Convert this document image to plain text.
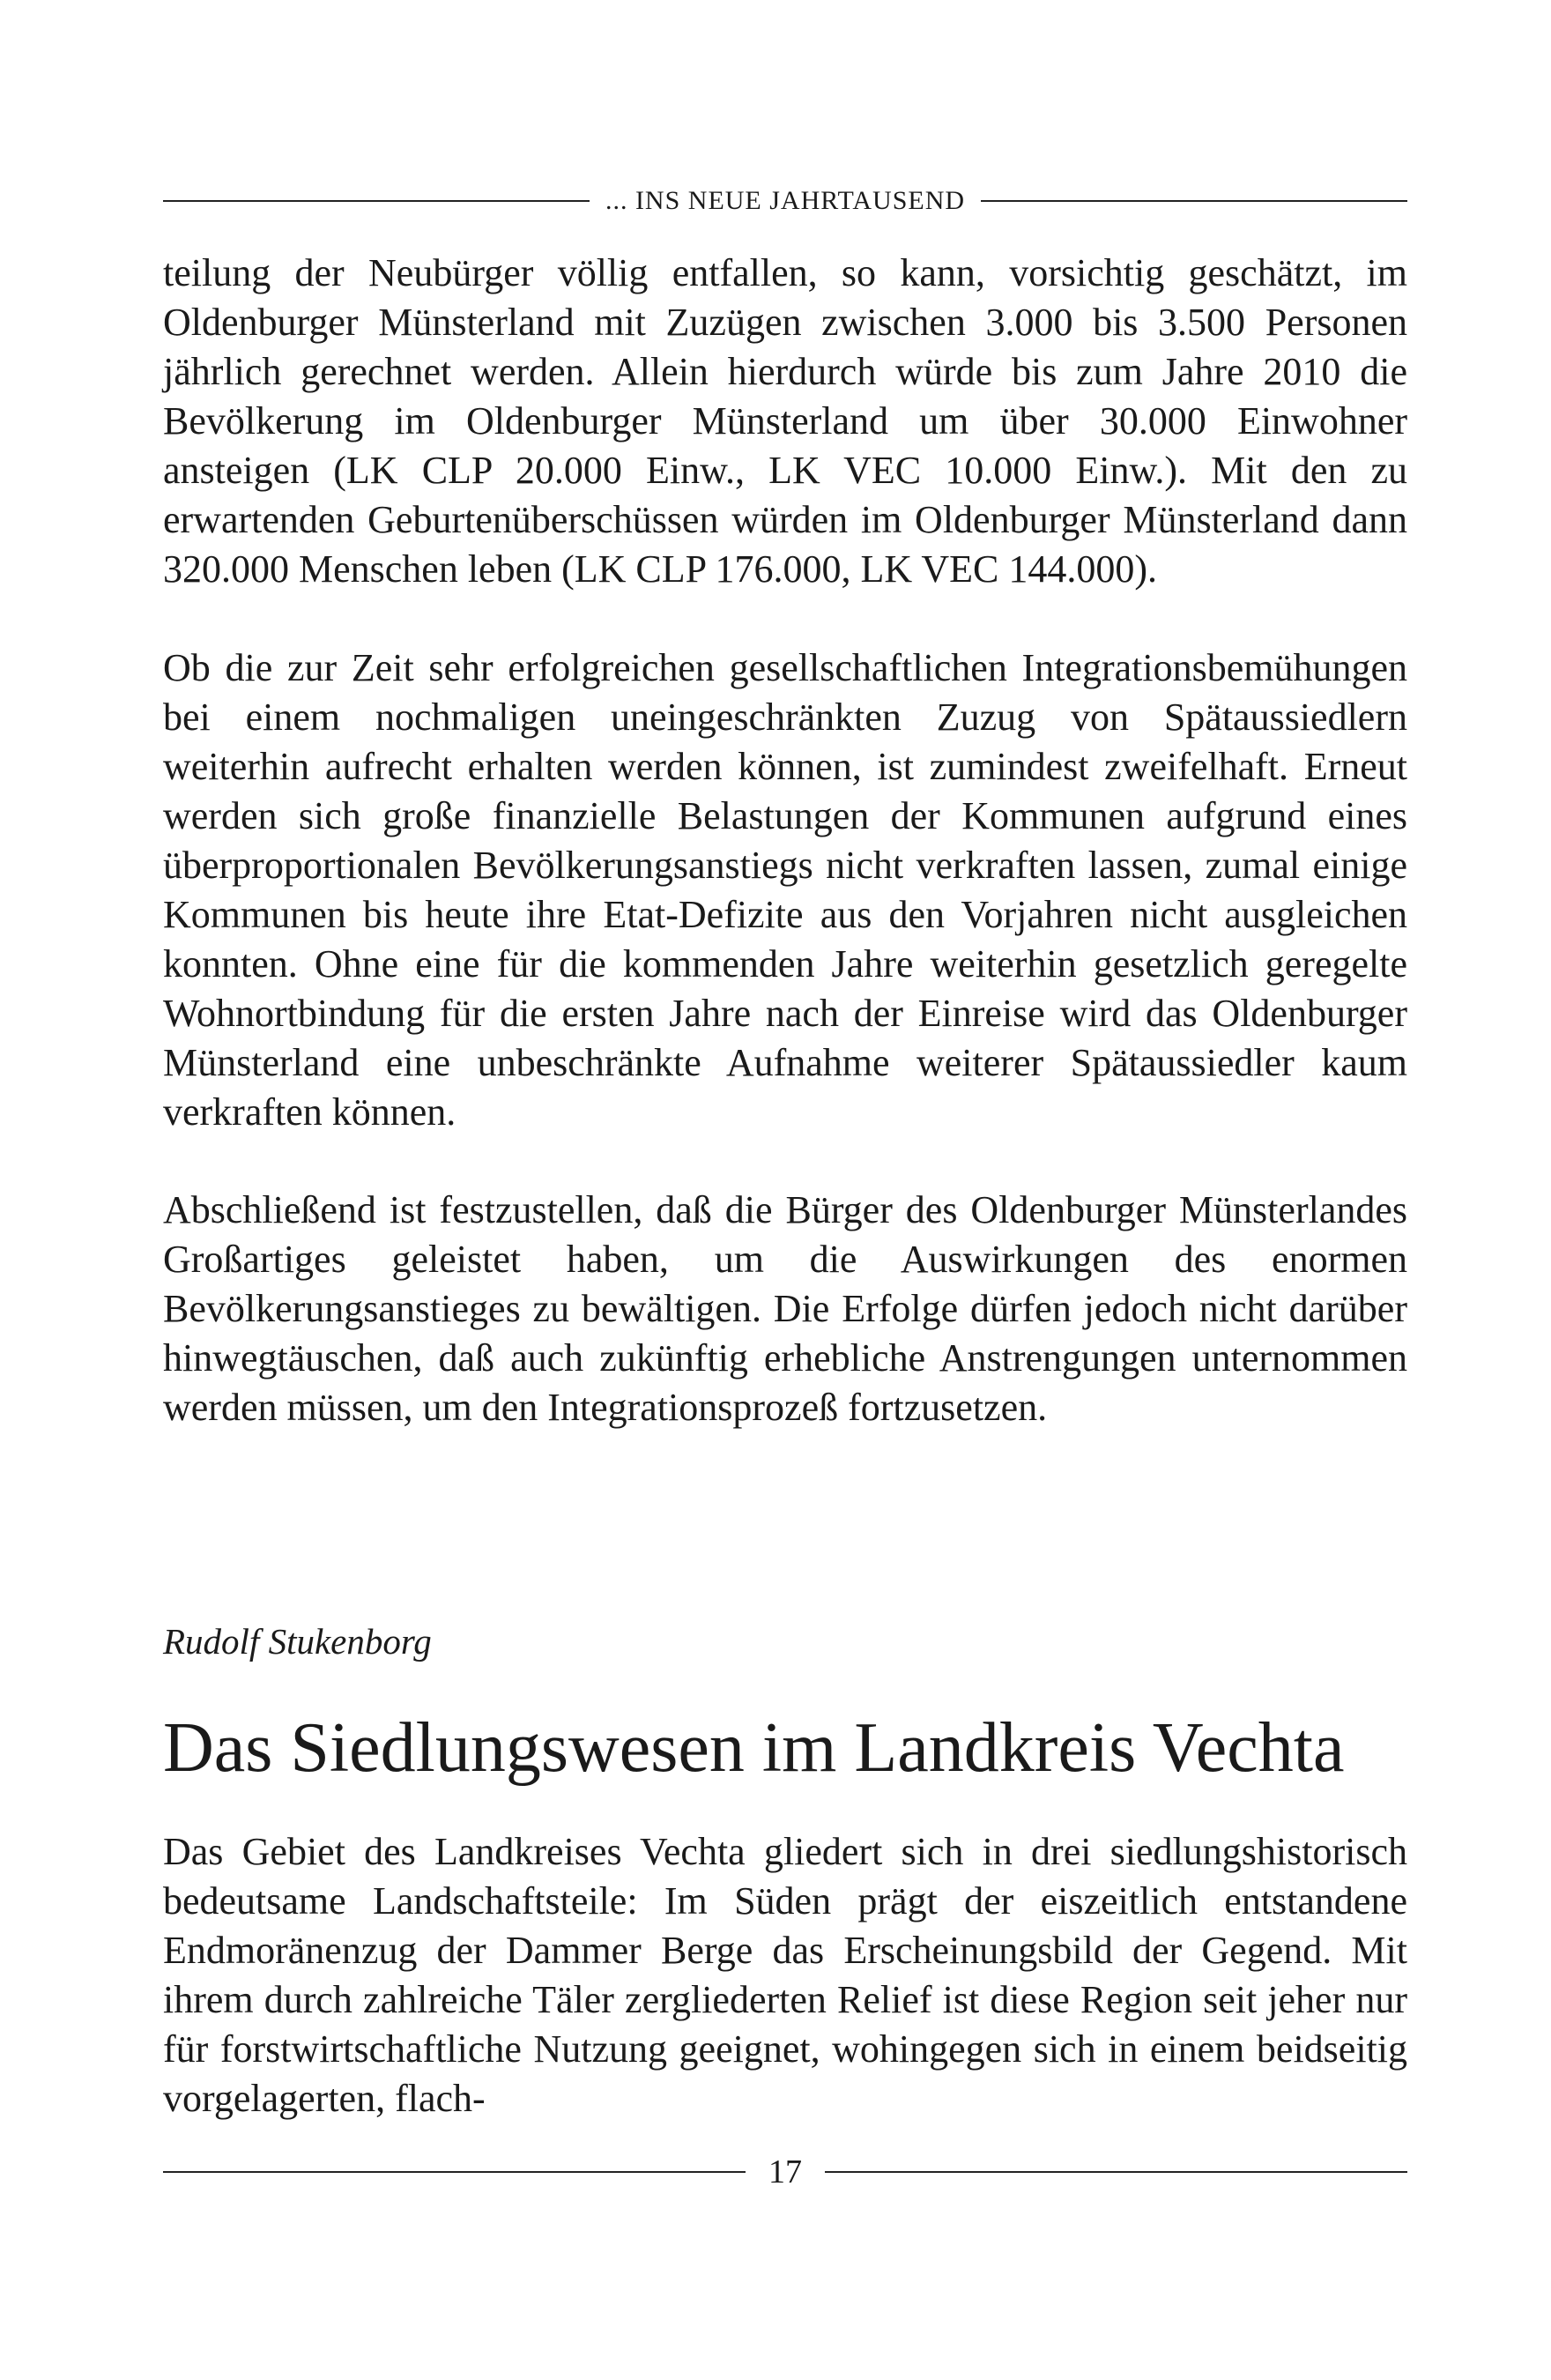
... INS NEUE JAHRTAUSEND

teilung der Neubürger völlig entfallen, so kann, vorsichtig geschätzt, im Oldenburger Münsterland mit Zuzügen zwischen 3.000 bis 3.500 Personen jährlich gerechnet werden. Allein hierdurch würde bis zum Jahre 2010 die Bevölkerung im Oldenburger Münsterland um über 30.000 Einwohner ansteigen (LK CLP 20.000 Einw., LK VEC 10.000 Einw.). Mit den zu erwartenden Geburtenüberschüssen würden im Oldenburger Münsterland dann 320.000 Menschen leben (LK CLP 176.000, LK VEC 144.000).

Ob die zur Zeit sehr erfolgreichen gesellschaftlichen Integrationsbemühungen bei einem nochmaligen uneingeschränkten Zuzug von Spätaussiedlern weiterhin aufrecht erhalten werden können, ist zumindest zweifelhaft. Erneut werden sich große finanzielle Belastungen der Kommunen aufgrund eines überproportionalen Bevölkerungsanstiegs nicht verkraften lassen, zumal einige Kommunen bis heute ihre Etat-Defizite aus den Vorjahren nicht ausgleichen konnten. Ohne eine für die kommenden Jahre weiterhin gesetzlich geregelte Wohnortbindung für die ersten Jahre nach der Einreise wird das Oldenburger Münsterland eine unbeschränkte Aufnahme weiterer Spätaussiedler kaum verkraften können.

Abschließend ist festzustellen, daß die Bürger des Oldenburger Münsterlandes Großartiges geleistet haben, um die Auswirkungen des enormen Bevölkerungsanstieges zu bewältigen. Die Erfolge dürfen jedoch nicht darüber hinwegtäuschen, daß auch zukünftig erhebliche Anstrengungen unternommen werden müssen, um den Integrationsprozeß fortzusetzen.

Rudolf Stukenborg
Das Siedlungswesen im Landkreis Vechta

Das Gebiet des Landkreises Vechta gliedert sich in drei siedlungshistorisch bedeutsame Landschaftsteile: Im Süden prägt der eiszeitlich entstandene Endmoränenzug der Dammer Berge das Erscheinungsbild der Gegend. Mit ihrem durch zahlreiche Täler zergliederten Relief ist diese Region seit jeher nur für forstwirtschaftliche Nutzung geeignet, wohingegen sich in einem beidseitig vorgelagerten, flach-

17
